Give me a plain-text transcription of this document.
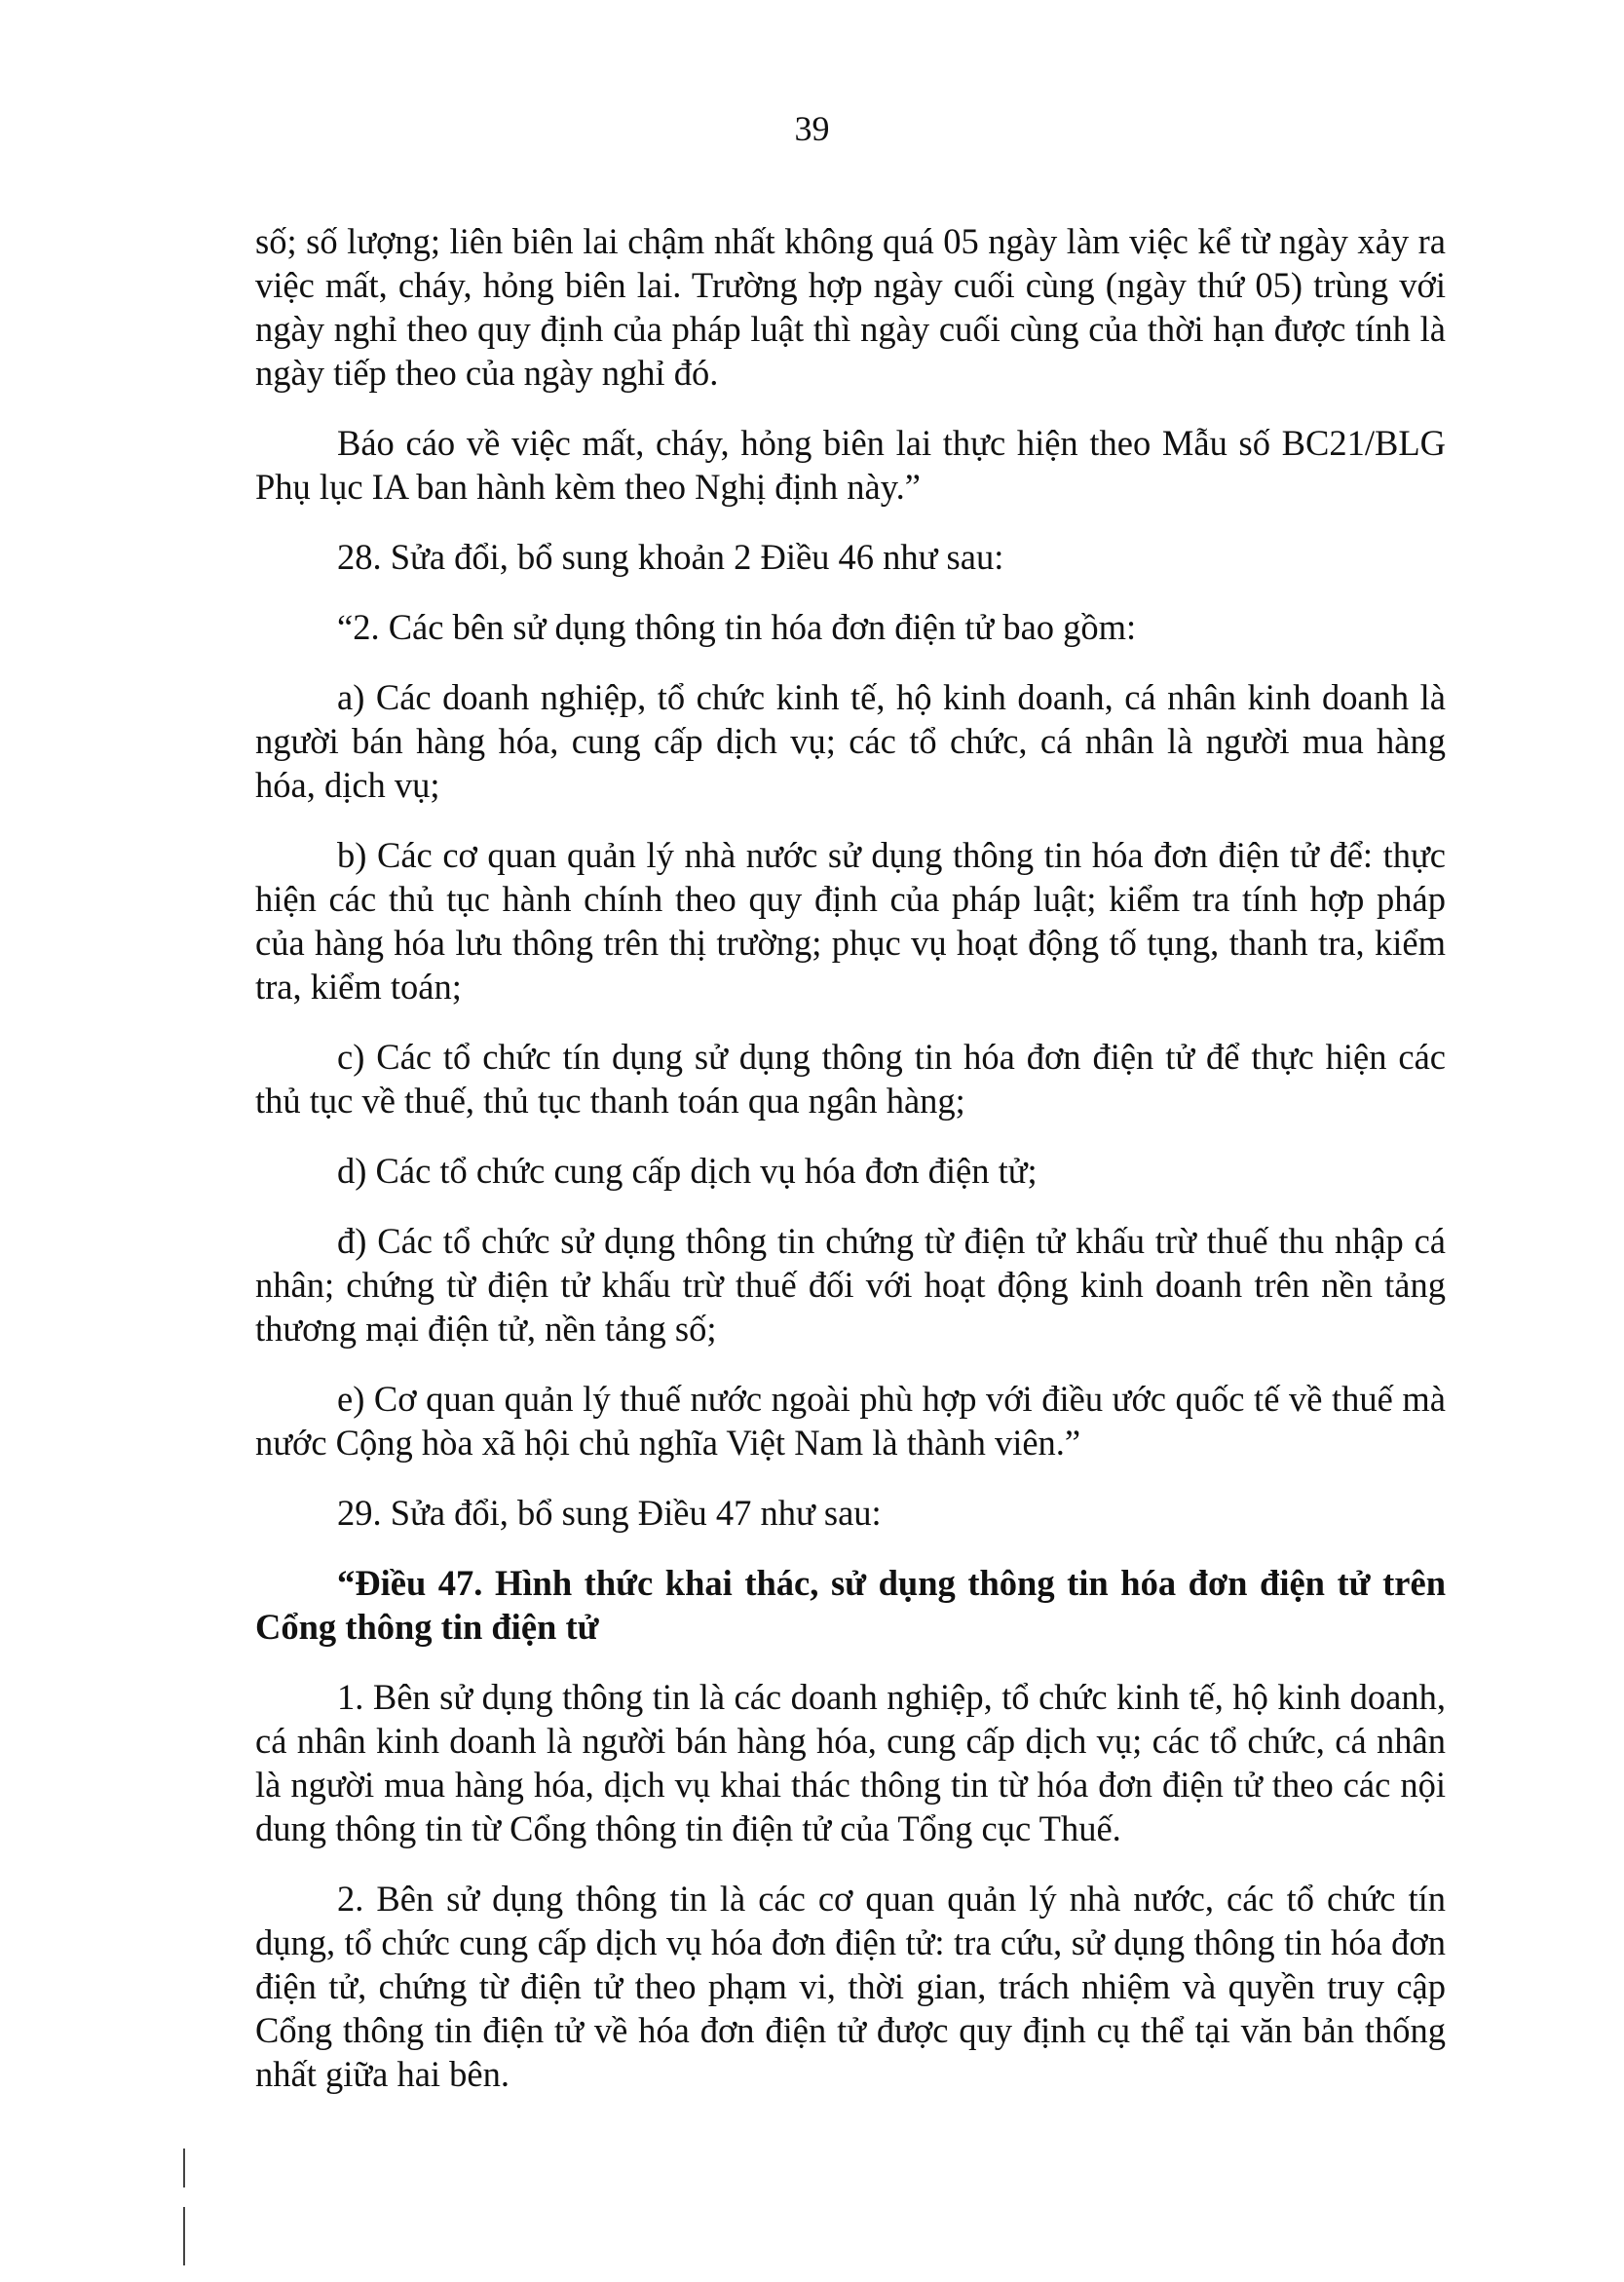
39

số; số lượng; liên biên lai chậm nhất không quá 05 ngày làm việc kể từ ngày xảy ra việc mất, cháy, hỏng biên lai. Trường hợp ngày cuối cùng (ngày thứ 05) trùng với ngày nghỉ theo quy định của pháp luật thì ngày cuối cùng của thời hạn được tính là ngày tiếp theo của ngày nghỉ đó.

Báo cáo về việc mất, cháy, hỏng biên lai thực hiện theo Mẫu số BC21/BLG Phụ lục IA ban hành kèm theo Nghị định này.”

28. Sửa đổi, bổ sung khoản 2 Điều 46 như sau:

“2. Các bên sử dụng thông tin hóa đơn điện tử bao gồm:

a) Các doanh nghiệp, tổ chức kinh tế, hộ kinh doanh, cá nhân kinh doanh là người bán hàng hóa, cung cấp dịch vụ; các tổ chức, cá nhân là người mua hàng hóa, dịch vụ;

b) Các cơ quan quản lý nhà nước sử dụng thông tin hóa đơn điện tử để: thực hiện các thủ tục hành chính theo quy định của pháp luật; kiểm tra tính hợp pháp của hàng hóa lưu thông trên thị trường; phục vụ hoạt động tố tụng, thanh tra, kiểm tra, kiểm toán;

c) Các tổ chức tín dụng sử dụng thông tin hóa đơn điện tử để thực hiện các thủ tục về thuế, thủ tục thanh toán qua ngân hàng;

d) Các tổ chức cung cấp dịch vụ hóa đơn điện tử;

đ) Các tổ chức sử dụng thông tin chứng từ điện tử khấu trừ thuế thu nhập cá nhân; chứng từ điện tử khấu trừ thuế đối với hoạt động kinh doanh trên nền tảng thương mại điện tử, nền tảng số;

e) Cơ quan quản lý thuế nước ngoài phù hợp với điều ước quốc tế về thuế mà nước Cộng hòa xã hội chủ nghĩa Việt Nam là thành viên.”

29. Sửa đổi, bổ sung Điều 47 như sau:

“Điều 47. Hình thức khai thác, sử dụng thông tin hóa đơn điện tử trên Cổng thông tin điện tử

1. Bên sử dụng thông tin là các doanh nghiệp, tổ chức kinh tế, hộ kinh doanh, cá nhân kinh doanh là người bán hàng hóa, cung cấp dịch vụ; các tổ chức, cá nhân là người mua hàng hóa, dịch vụ khai thác thông tin từ hóa đơn điện tử theo các nội dung thông tin từ Cổng thông tin điện tử của Tổng cục Thuế.

2. Bên sử dụng thông tin là các cơ quan quản lý nhà nước, các tổ chức tín dụng, tổ chức cung cấp dịch vụ hóa đơn điện tử: tra cứu, sử dụng thông tin hóa đơn điện tử, chứng từ điện tử theo phạm vi, thời gian, trách nhiệm và quyền truy cập Cổng thông tin điện tử về hóa đơn điện tử được quy định cụ thể tại văn bản thống nhất giữa hai bên.
